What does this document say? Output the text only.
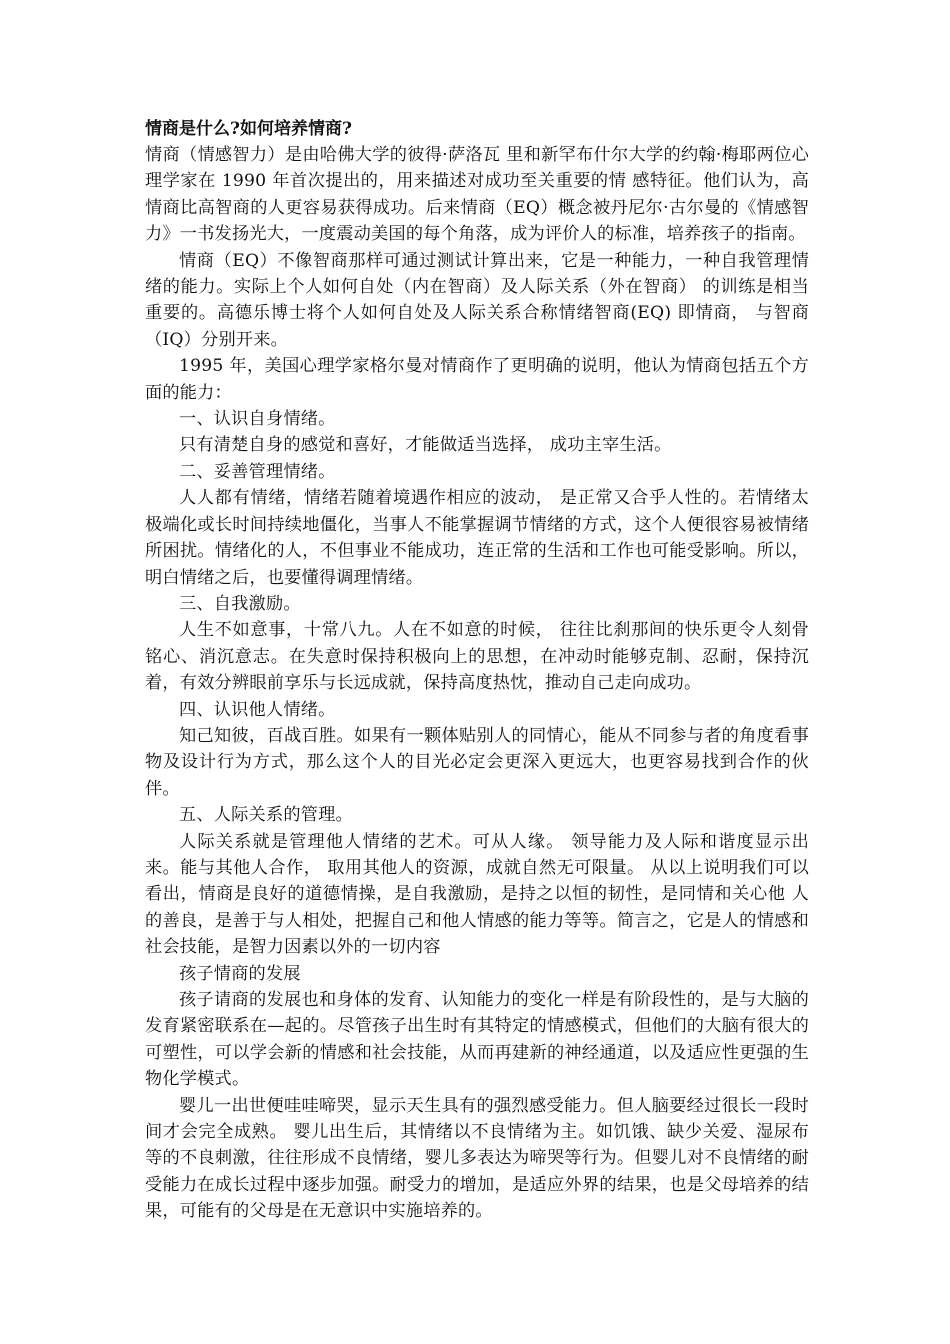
情商是什么?如何培养情商?

情商（情感智力）是由哈佛大学的彼得·萨洛瓦 里和新罕布什尔大学的约翰·梅耶两位心理学家在 1990 年首次提出的，用来描述对成功至关重要的情 感特征。他们认为，高情商比高智商的人更容易获得成功。后来情商（EQ）概念被丹尼尔·古尔曼的《情感智力》一书发扬光大，一度震动美国的每个角落，成为评价人的标准，培养孩子的指南。

情商（EQ）不像智商那样可通过测试计算出来，它是一种能力，一种自我管理情绪的能力。实际上个人如何自处（内在智商）及人际关系（外在智商） 的训练是相当重要的。高德乐博士将个人如何自处及人际关系合称情绪智商(EQ) 即情商， 与智商（IQ）分别开来。

1995 年，美国心理学家格尔曼对情商作了更明确的说明，他认为情商包括五个方面的能力：

一、认识自身情绪。

只有清楚自身的感觉和喜好，才能做适当选择， 成功主宰生活。

二、妥善管理情绪。

人人都有情绪，情绪若随着境遇作相应的波动， 是正常又合乎人性的。若情绪太极端化或长时间持续地僵化，当事人不能掌握调节情绪的方式，这个人便很容易被情绪所困扰。情绪化的人，不但事业不能成功，连正常的生活和工作也可能受影响。所以，明白情绪之后，也要懂得调理情绪。

三、自我激励。

人生不如意事，十常八九。人在不如意的时候， 往往比刹那间的快乐更令人刻骨铭心、消沉意志。在失意时保持积极向上的思想，在冲动时能够克制、忍耐，保持沉着，有效分辨眼前享乐与长远成就，保持高度热忱，推动自己走向成功。

四、认识他人情绪。

知己知彼，百战百胜。如果有一颗体贴别人的同情心，能从不同参与者的角度看事物及设计行为方式，那么这个人的目光必定会更深入更远大，也更容易找到合作的伙伴。

五、人际关系的管理。

人际关系就是管理他人情绪的艺术。可从人缘。 领导能力及人际和谐度显示出来。能与其他人合作， 取用其他人的资源，成就自然无可限量。 从以上说明我们可以看出，情商是良好的道德情操，是自我激励，是持之以恒的韧性，是同情和关心他 人的善良，是善于与人相处，把握自己和他人情感的能力等等。简言之，它是人的情感和社会技能，是智力因素以外的一切内容

孩子情商的发展

孩子请商的发展也和身体的发育、认知能力的变化一样是有阶段性的，是与大脑的发育紧密联系在—起的。尽管孩子出生时有其特定的情感模式，但他们的大脑有很大的可塑性，可以学会新的情感和社会技能，从而再建新的神经通道，以及适应性更强的生物化学模式。

婴儿一出世便哇哇啼哭，显示天生具有的强烈感受能力。但人脑要经过很长一段时间才会完全成熟。 婴儿出生后，其情绪以不良情绪为主。如饥饿、缺少关爱、湿尿布等的不良刺激，往往形成不良情绪，婴儿多表达为啼哭等行为。但婴儿对不良情绪的耐受能力在成长过程中逐步加强。耐受力的增加，是适应外界的结果，也是父母培养的结果，可能有的父母是在无意识中实施培养的。
